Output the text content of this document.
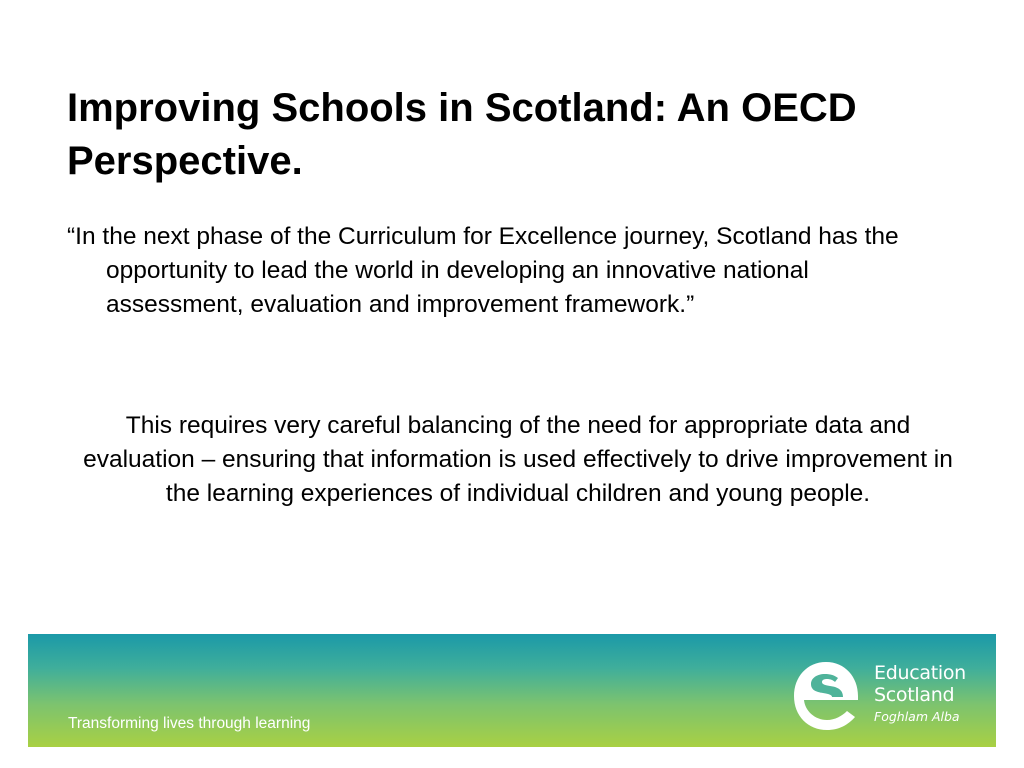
Improving Schools in Scotland: An OECD Perspective.

“In the next phase of the Curriculum for Excellence journey, Scotland has the opportunity to lead the world in developing an innovative national assessment, evaluation and improvement framework.”

This requires very careful balancing of the need for appropriate data and evaluation – ensuring that information is used effectively to drive improvement in the learning experiences of individual children and young people.

Transforming lives through learning

Education
Scotland
Foghlam Alba
